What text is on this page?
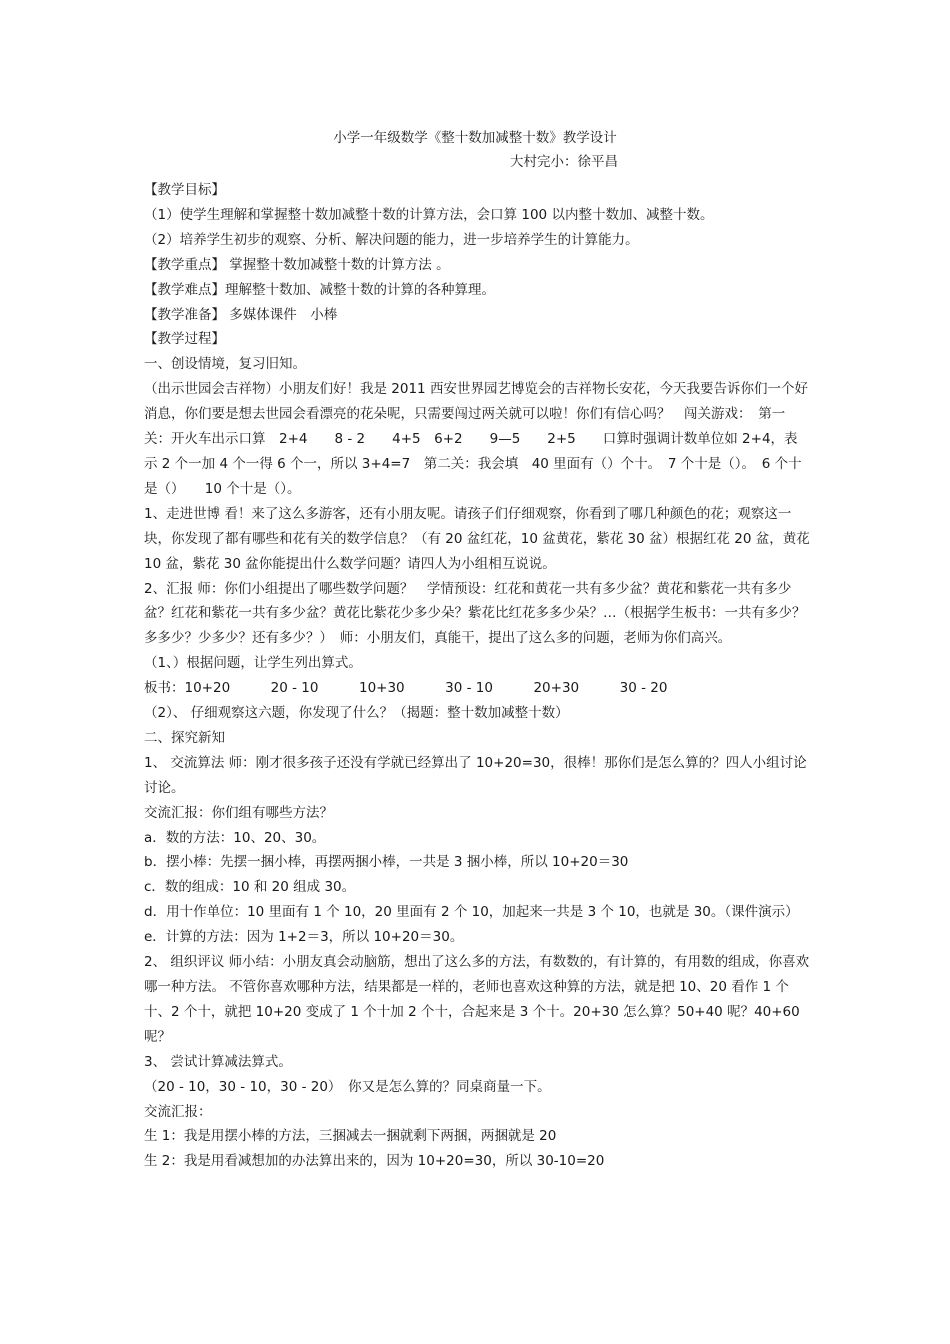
小学一年级数学《整十数加减整十数》教学设计
大村完小：徐平昌

【教学目标】

（1）使学生理解和掌握整十数加减整十数的计算方法，会口算 100 以内整十数加、减整十数。

（2）培养学生初步的观察、分析、解决问题的能力，进一步培养学生的计算能力。

【教学重点】 掌握整十数加减整十数的计算方法 。

【教学难点】理解整十数加、减整十数的计算的各种算理。

【教学准备】 多媒体课件　小棒

【教学过程】

一、创设情境，复习旧知。

（出示世园会吉祥物）小朋友们好！我是 2011 西安世界园艺博览会的吉祥物长安花，今天我要告诉你们一个好消息，你们要是想去世园会看漂亮的花朵呢，只需要闯过两关就可以啦！你们有信心吗？　闯关游戏：　第一关：开火车出示口算　2+4　　8 - 2　　4+5　6+2　　9—5　　2+5　　口算时强调计数单位如 2+4，表示 2 个一加 4 个一得 6 个一，所以 3+4=7　第二关：我会填　40 里面有（）个十。　7 个十是（）。　6 个十是（）　　10 个十是（）。

1、走进世博 看！来了这么多游客，还有小朋友呢。请孩子们仔细观察，你看到了哪几种颜色的花；观察这一块，你发现了都有哪些和花有关的数学信息？（有 20 盆红花，10 盆黄花，紫花 30 盆）根据红花 20 盆，黄花 10 盆，紫花 30 盆你能提出什么数学问题？请四人为小组相互说说。

2、汇报 师：你们小组提出了哪些数学问题？　学情预设：红花和黄花一共有多少盆？黄花和紫花一共有多少盆？红花和紫花一共有多少盆？黄花比紫花少多少朵？紫花比红花多多少朵？…（根据学生板书：一共有多少？多多少？少多少？还有多少？）　师：小朋友们，真能干，提出了这么多的问题，老师为你们高兴。

（1、）根据问题，让学生列出算式。

板书：10+20　　　20 - 10　　　10+30　　　30 - 10　　　20+30　　　30 - 20

（2）、 仔细观察这六题，你发现了什么？（揭题：整十数加减整十数）

二、探究新知

1、 交流算法 师：刚才很多孩子还没有学就已经算出了 10+20=30，很棒！那你们是怎么算的？四人小组讨论讨论。

交流汇报：你们组有哪些方法？

a．数的方法：10、20、30。

b．摆小棒：先摆一捆小棒，再摆两捆小棒，一共是 3 捆小棒，所以 10+20＝30

c．数的组成：10 和 20 组成 30。

d．用十作单位：10 里面有 1 个 10，20 里面有 2 个 10，加起来一共是 3 个 10，也就是 30。（课件演示）

e．计算的方法：因为 1+2＝3，所以 10+20＝30。

2、 组织评议 师小结：小朋友真会动脑筋，想出了这么多的方法，有数数的，有计算的，有用数的组成，你喜欢哪一种方法。 不管你喜欢哪种方法，结果都是一样的，老师也喜欢这种算的方法，就是把 10、20 看作 1 个十、2 个十，就把 10+20 变成了 1 个十加 2 个十，合起来是 3 个十。20+30 怎么算？50+40 呢？40+60 呢？

3、 尝试计算减法算式。

（20 - 10，30 - 10，30 - 20）　你又是怎么算的？同桌商量一下。

交流汇报：

生 1：我是用摆小棒的方法，三捆减去一捆就剩下两捆，两捆就是 20

生 2：我是用看减想加的办法算出来的，因为 10+20=30，所以 30-10=20
